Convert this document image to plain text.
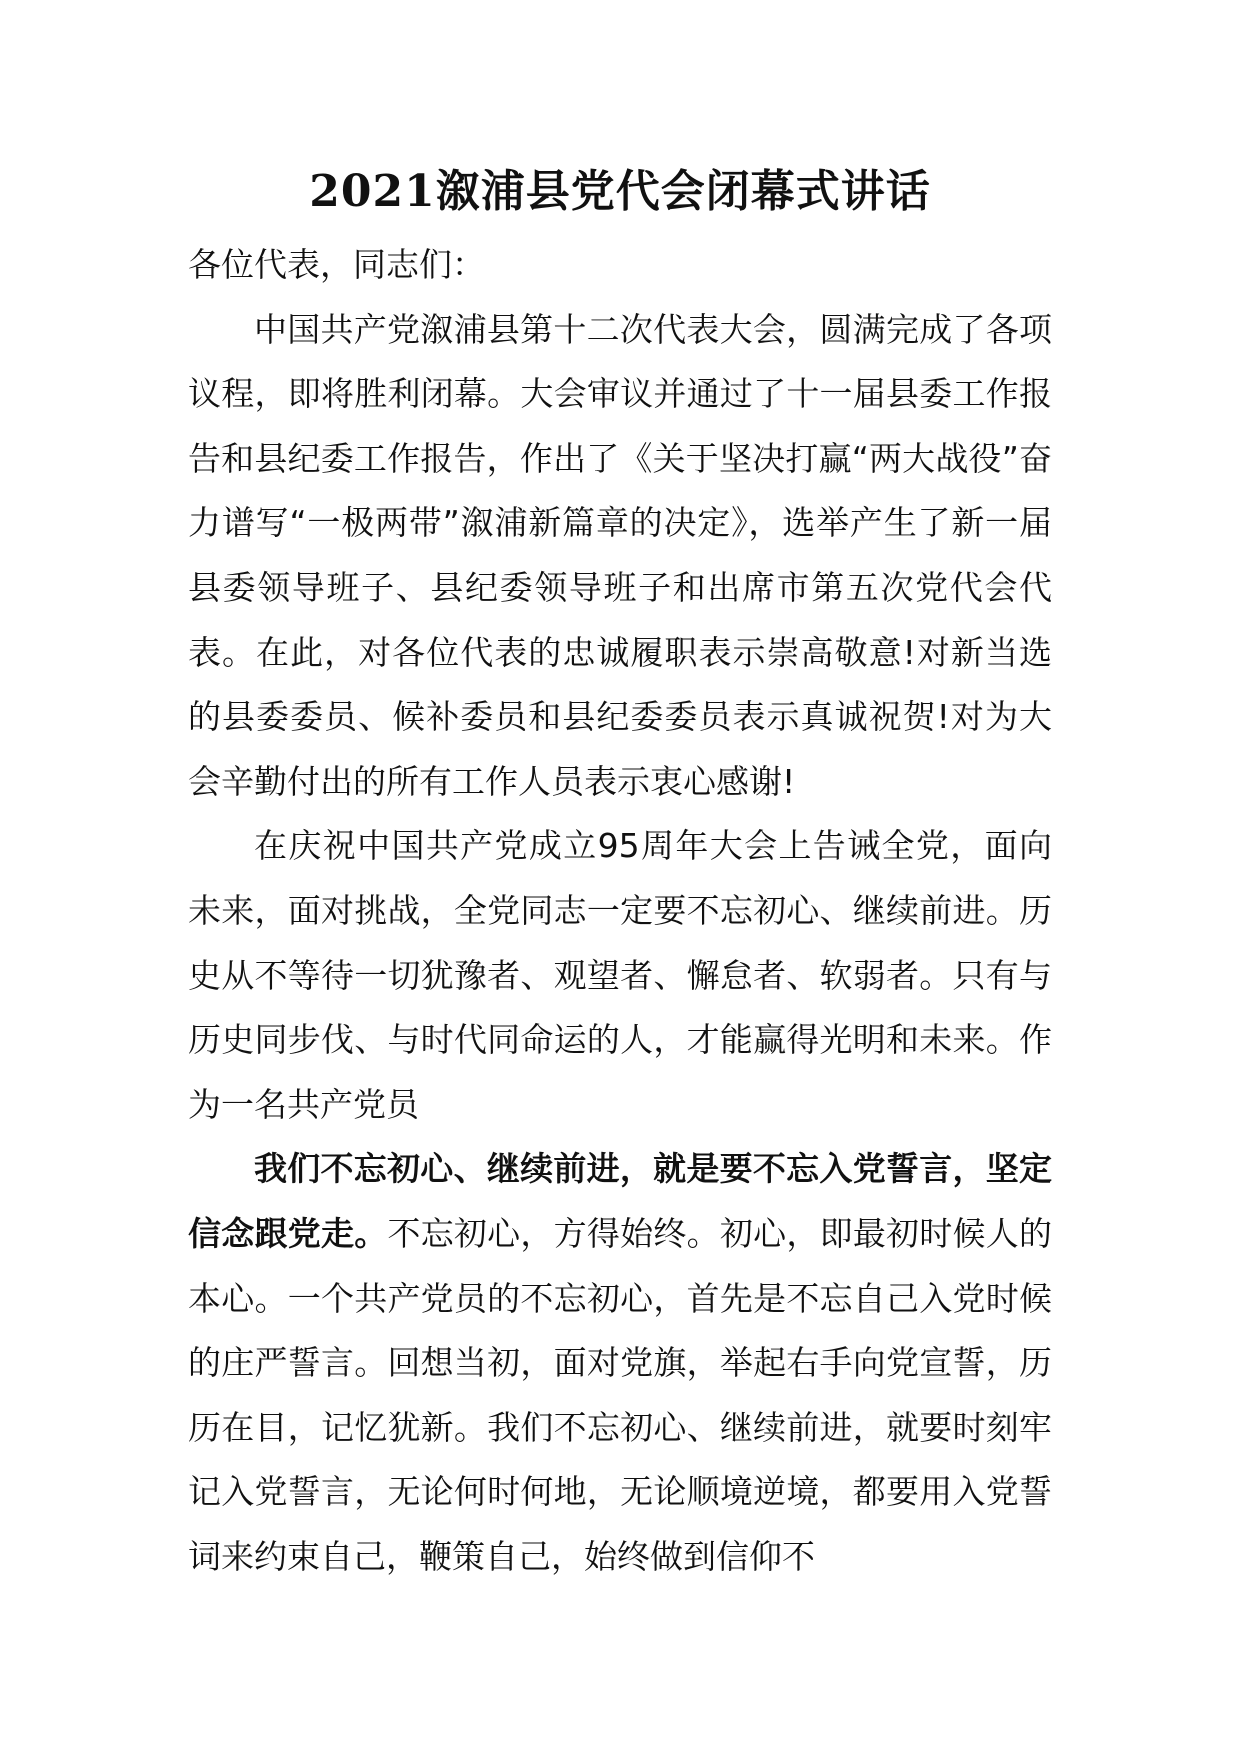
2021溆浦县党代会闭幕式讲话

各位代表，同志们：

中国共产党溆浦县第十二次代表大会，圆满完成了各项议程，即将胜利闭幕。大会审议并通过了十一届县委工作报告和县纪委工作报告，作出了《关于坚决打赢“两大战役”奋力谱写“一极两带”溆浦新篇章的决定》，选举产生了新一届县委领导班子、县纪委领导班子和出席市第五次党代会代表。在此，对各位代表的忠诚履职表示崇高敬意!对新当选的县委委员、候补委员和县纪委委员表示真诚祝贺!对为大会辛勤付出的所有工作人员表示衷心感谢!

在庆祝中国共产党成立95周年大会上告诫全党，面向未来，面对挑战，全党同志一定要不忘初心、继续前进。历史从不等待一切犹豫者、观望者、懈怠者、软弱者。只有与历史同步伐、与时代同命运的人，才能赢得光明和未来。作为一名共产党员

我们不忘初心、继续前进，就是要不忘入党誓言，坚定信念跟党走。不忘初心，方得始终。初心，即最初时候人的本心。一个共产党员的不忘初心，首先是不忘自己入党时候的庄严誓言。回想当初，面对党旗，举起右手向党宣誓，历历在目，记忆犹新。我们不忘初心、继续前进，就要时刻牢记入党誓言，无论何时何地，无论顺境逆境，都要用入党誓词来约束自己，鞭策自己，始终做到信仰不
